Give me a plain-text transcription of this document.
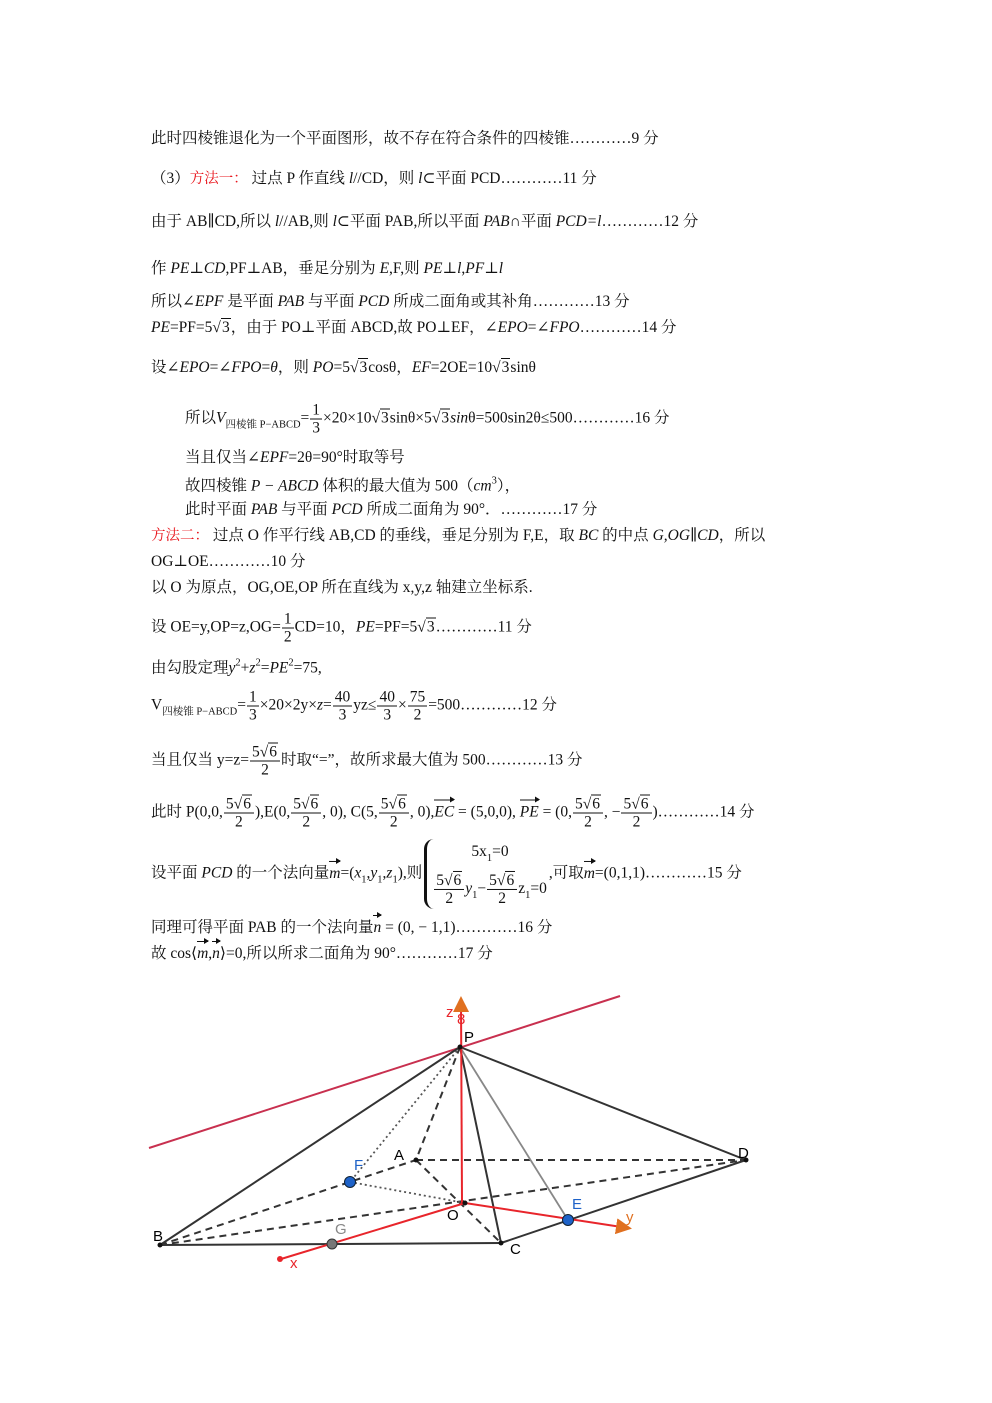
此时四棱锥退化为一个平面图形，故不存在符合条件的四棱锥…………9 分
（3）方法一： 过点 P 作直线 l//CD，则 l⊂平面 PCD…………11 分
由于 AB∥CD,所以 l//AB,则 l⊂平面 PAB,所以平面 PAB∩平面 PCD=l…………12 分
作 PE⊥CD,PF⊥AB，垂足分别为 E,F,则 PE⊥l,PF⊥l
所以∠EPF 是平面 PAB 与平面 PCD 所成二面角或其补角…………13 分
PE=PF=5 √ 3，由于 PO⊥平面 ABCD,故 PO⊥EF，∠EPO=∠FPO…………14 分
设∠EPO=∠FPO=θ，则 PO=5 √ 3cosθ，EF=2OE=10 √ 3sinθ
所以$V_{四棱锥 P-ABCD}= \frac{1}{3} \times 20\times 10$ √ 3sinθ×5 √ 3sinθ=500sin2θ≤500…………16 分
当且仅当∠EPF=2θ=90°时取等号
故四棱锥 P − ABCD 体积的最大值为 $500(cm^3)$，
此时平面 PAB 与平面 PCD 所成二面角为 90°．…………17 分
方法二： 过点 O 作平行线 AB,CD 的垂线，垂足分别为 F,E，取 BC 的中点 G,OG∥CD，所以
OG⊥OE…………10 分
以 O 为原点，OG,OE,OP 所在直线为 x,y,z 轴建立坐标系.
设 $OE=y,OP=z,OG= \frac{1}{2} CD=10$，PE=PF=5 √ 3…………11 分
由勾股定理$y^2+z^2=PE^2=75$,
$V_{四棱锥 P-ABCD}= \frac{1}{3} \times 20\times 2y\times z= \frac{40}{3} yz\le \frac{40}{3} \times \frac{75}{2}$ =500…………12 分
当且仅当 $y=z= \frac{5 √ 6}{2}$ 时取“=”，故所求最大值为 500…………13 分
此时 P(0,0, $\frac{5 √ 6}{2} ),E(0$, $\frac{5 √ 6}{2}$ , 0), C(5, $\frac{5 √ 6}{2}$ , 0),EC = (5,0,0), PE = (0, $\frac{5 √ 6}{2}$ , − $\frac{5 √ 6}{2}$ )…………14 分
设平面 PCD 的一个法向量$m=(x_1,y_1,z_1)$,则
$5x_1=0$
$\frac{5 √ 6}{2} y_1- \frac{5 √ 6}{2} z_1=0$
,可取m=(0,1,1)…………15 分
同理可得平面 PAB 的一个法向量n = (0, − 1,1)…………16 分
故 cos⟨m,n⟩=0,所以所求二面角为 90°…………17 分
P
A
B
C
D
O
E
F
G
x
y
z 8
